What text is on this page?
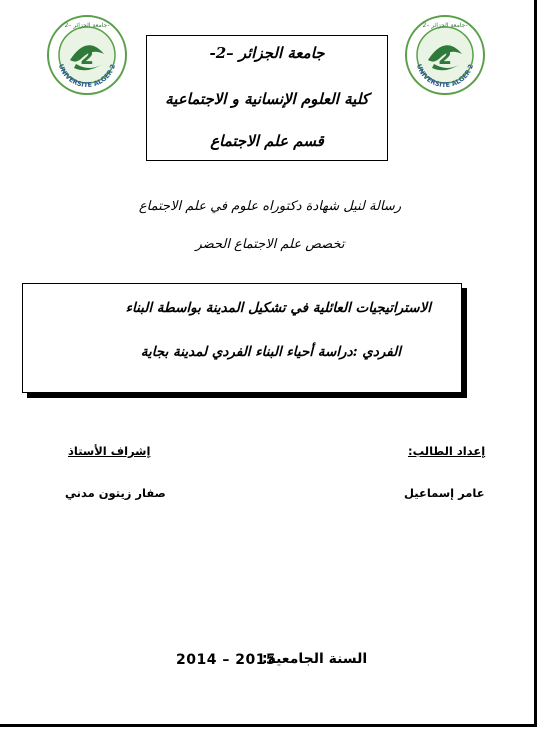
2
UNIVERSITE ALGER 2
جامعة الجزائر –2-
2
UNIVERSITE ALGER 2
جامعة الجزائر –2-
جامعة الجزائر –2-
كلية العلوم الإنسانية و الاجتماعية
قسم علم الاجتماع
رسالة لنيل شهادة دكتوراه علوم في علم الاجتماع
تخصص علم الاجتماع الحضر
الاستراتيجيات العائلية في تشكيل المدينة بواسطة البناء
الفردي :دراسة أحياء البناء الفردي لمدينة بجاية
إعداد الطالب:
إشراف الأستاذ
عامر إسماعيل
صفار زيتون مدني
السنة الجامعية:
2014 – 2015
